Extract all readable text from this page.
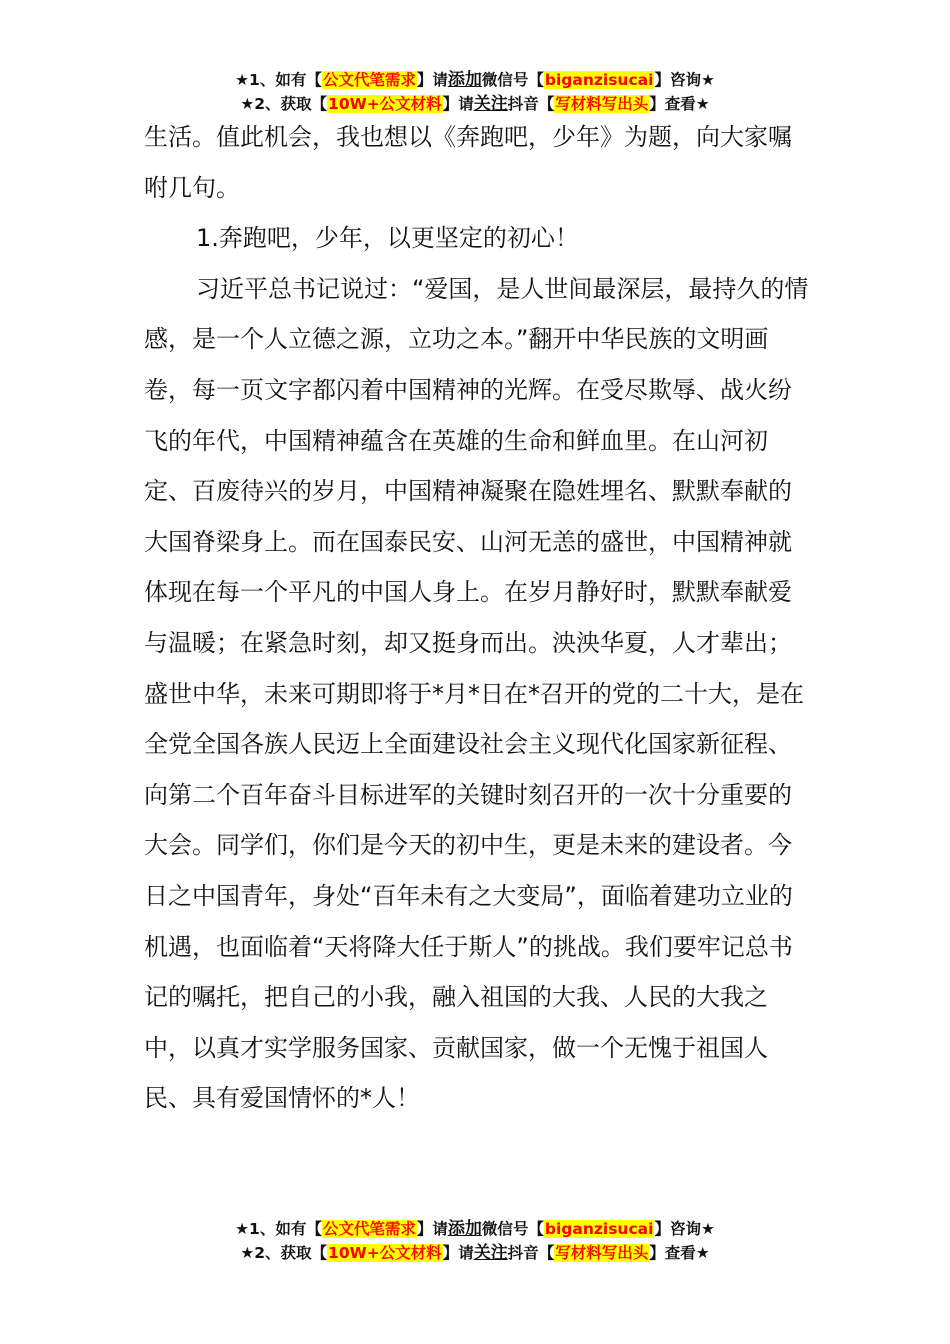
★1、如有【公文代笔需求】请添加微信号【biganzisucai】咨询★
★2、获取【10W+公文材料】请关注抖音【写材料写出头】查看★

生活。值此机会，我也想以《奔跑吧，少年》为题，向大家嘱咐几句。

1.奔跑吧，少年，以更坚定的初心！

习近平总书记说过：“爱国，是人世间最深层，最持久的情感，是一个人立德之源，立功之本。”翻开中华民族的文明画卷，每一页文字都闪着中国精神的光辉。在受尽欺辱、战火纷飞的年代，中国精神蕴含在英雄的生命和鲜血里。在山河初定、百废待兴的岁月，中国精神凝聚在隐姓埋名、默默奉献的大国脊梁身上。而在国泰民安、山河无恙的盛世，中国精神就体现在每一个平凡的中国人身上。在岁月静好时，默默奉献爱与温暖；在紧急时刻，却又挺身而出。泱泱华夏，人才辈出；盛世中华，未来可期即将于*月*日在*召开的党的二十大，是在全党全国各族人民迈上全面建设社会主义现代化国家新征程、向第二个百年奋斗目标进军的关键时刻召开的一次十分重要的大会。同学们，你们是今天的初中生，更是未来的建设者。今日之中国青年，身处“百年未有之大变局”，面临着建功立业的机遇，也面临着“天将降大任于斯人”的挑战。我们要牢记总书记的嘱托，把自己的小我，融入祖国的大我、人民的大我之中，以真才实学服务国家、贡献国家，做一个无愧于祖国人民、具有爱国情怀的*人！

★1、如有【公文代笔需求】请添加微信号【biganzisucai】咨询★
★2、获取【10W+公文材料】请关注抖音【写材料写出头】查看★
